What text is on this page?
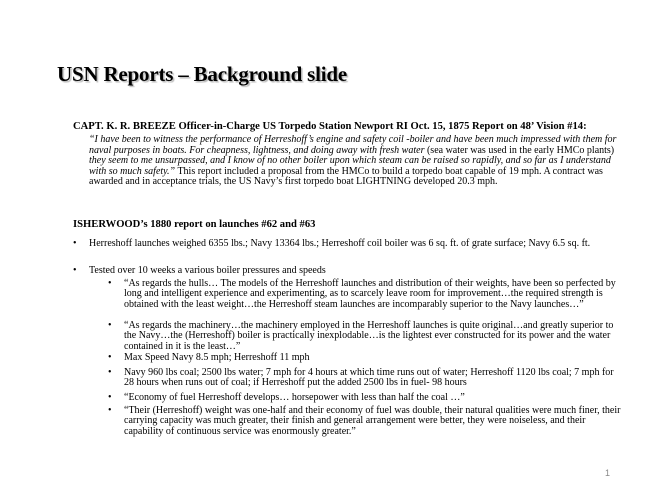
USN Reports – Background slide
CAPT. K. R. BREEZE Officer-in-Charge US Torpedo Station Newport RI Oct. 15, 1875 Report on 48’ Vision #14:
“I have been to witness the performance of Herreshoff’s engine and safety coil -boiler and have been much impressed with them for naval purposes in boats. For cheapness, lightness, and doing away with fresh water (sea water was used in the early HMCo plants) they seem to me unsurpassed, and I know of no other boiler upon which steam can be raised so rapidly, and so far as I understand with so much safety.” This report included a proposal from the HMCo to build a torpedo boat capable of 19 mph. A contract was awarded and in acceptance trials, the US Navy’s first torpedo boat LIGHTNING developed 20.3 mph.
ISHERWOOD’s 1880 report on launches #62 and #63
• Herreshoff launches weighed 6355 lbs.; Navy 13364 lbs.; Herreshoff coil boiler was 6 sq. ft. of grate surface; Navy 6.5 sq. ft.
• Tested over 10 weeks a various boiler pressures and speeds
• “As regards the hulls… The models of the Herreshoff launches and distribution of their weights, have been so perfected by long and intelligent experience and experimenting, as to scarcely leave room for improvement…the required strength is obtained with the least weight…the Herreshoff steam launches are incomparably superior to the Navy launches…”
• “As regards the machinery…the machinery employed in the Herreshoff launches is quite original…and greatly superior to the Navy…the (Herreshoff) boiler is practically inexplodable…is the lightest ever constructed for its power and the water contained in it is the least…”
• Max Speed Navy 8.5 mph; Herreshoff 11 mph
• Navy 960 lbs coal; 2500 lbs water; 7 mph for 4 hours at which time runs out of water; Herreshoff 1120 lbs coal; 7 mph for 28 hours when runs out of coal; if Herreshoff put the added 2500 lbs in fuel- 98 hours
• “Economy of fuel Herreshoff develops… horsepower with less than half the coal …”
• “Their (Herreshoff) weight was one-half and their economy of fuel was double, their natural qualities were much finer, their carrying capacity was much greater, their finish and general arrangement were better, they were noiseless, and their capability of continuous service was enormously greater.”
1
